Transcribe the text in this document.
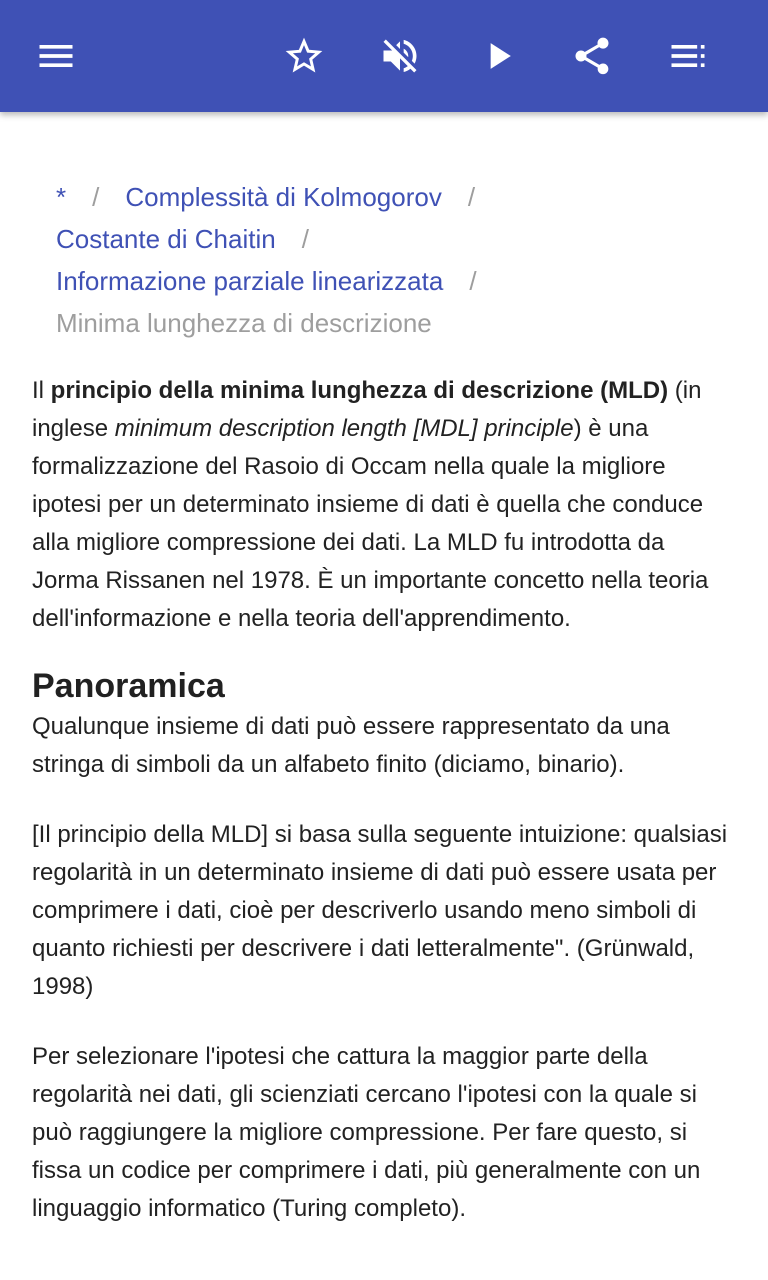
* / Complessità di Kolmogorov /
Costante di Chaitin /
Informazione parziale linearizzata /
Minima lunghezza di descrizione

Il principio della minima lunghezza di descrizione (MLD) (in inglese minimum description length [MDL] principle) è una formalizzazione del Rasoio di Occam nella quale la migliore ipotesi per un determinato insieme di dati è quella che conduce alla migliore compressione dei dati. La MLD fu introdotta da Jorma Rissanen nel 1978. È un importante concetto nella teoria dell'informazione e nella teoria dell'apprendimento.

Panoramica

Qualunque insieme di dati può essere rappresentato da una stringa di simboli da un alfabeto finito (diciamo, binario).

[Il principio della MLD] si basa sulla seguente intuizione: qualsiasi regolarità in un determinato insieme di dati può essere usata per comprimere i dati, cioè per descriverlo usando meno simboli di quanto richiesti per descrivere i dati letteralmente". (Grünwald, 1998)

Per selezionare l'ipotesi che cattura la maggior parte della regolarità nei dati, gli scienziati cercano l'ipotesi con la quale si può raggiungere la migliore compressione. Per fare questo, si fissa un codice per comprimere i dati, più generalmente con un linguaggio informatico (Turing completo).
